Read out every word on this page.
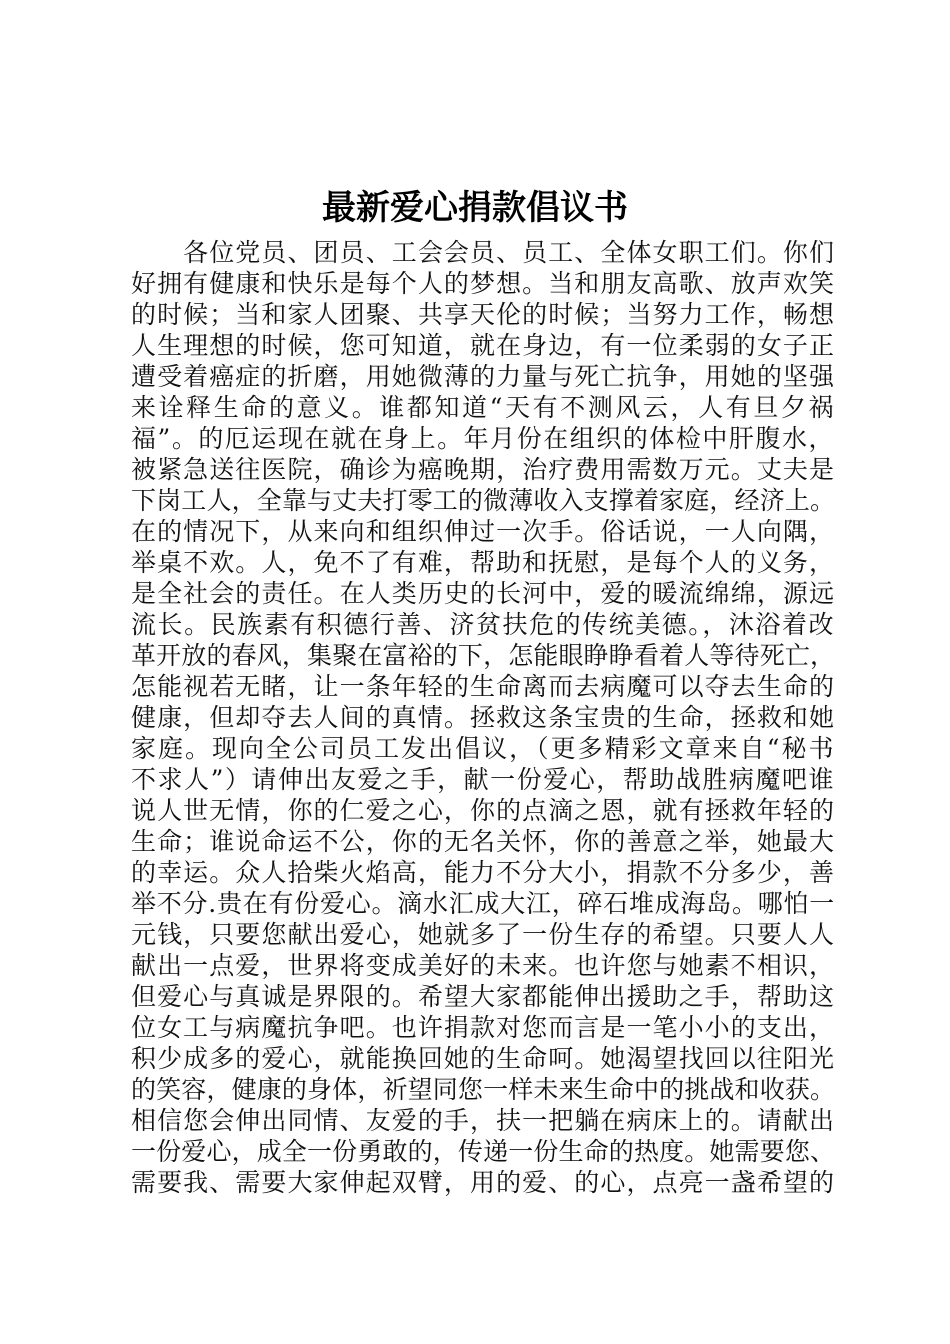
最新爱心捐款倡议书
　　各位党员、团员、工会会员、员工、全体女职工们。你们
好拥有健康和快乐是每个人的梦想。当和朋友高歌、放声欢笑
的时候；当和家人团聚、共享天伦的时候；当努力工作，畅想
人生理想的时候，您可知道，就在身边，有一位柔弱的女子正
遭受着癌症的折磨，用她微薄的力量与死亡抗争，用她的坚强
来诠释生命的意义。谁都知道“天有不测风云，人有旦夕祸
福”。的厄运现在就在身上。年月份在组织的体检中肝腹水，
被紧急送往医院，确诊为癌晚期，治疗费用需数万元。丈夫是
下岗工人，全靠与丈夫打零工的微薄收入支撑着家庭，经济上。
在的情况下，从来向和组织伸过一次手。俗话说，一人向隅，
举桌不欢。人，免不了有难，帮助和抚慰，是每个人的义务，
是全社会的责任。在人类历史的长河中，爱的暖流绵绵，源远
流长。民族素有积德行善、济贫扶危的传统美德。，沐浴着改
革开放的春风，集聚在富裕的下，怎能眼睁睁看着人等待死亡，
怎能视若无睹，让一条年轻的生命离而去病魔可以夺去生命的
健康，但却夺去人间的真情。拯救这条宝贵的生命，拯救和她
家庭。现向全公司员工发出倡议，（更多精彩文章来自“秘书
不求人”）请伸出友爱之手，献一份爱心，帮助战胜病魔吧谁
说人世无情，你的仁爱之心，你的点滴之恩，就有拯救年轻的
生命；谁说命运不公，你的无名关怀，你的善意之举，她最大
的幸运。众人拾柴火焰高，能力不分大小，捐款不分多少，善
举不分.贵在有份爱心。滴水汇成大江，碎石堆成海岛。哪怕一
元钱，只要您献出爱心，她就多了一份生存的希望。只要人人
献出一点爱，世界将变成美好的未来。也许您与她素不相识，
但爱心与真诚是界限的。希望大家都能伸出援助之手，帮助这
位女工与病魔抗争吧。也许捐款对您而言是一笔小小的支出，
积少成多的爱心，就能换回她的生命呵。她渴望找回以往阳光
的笑容，健康的身体，祈望同您一样未来生命中的挑战和收获。
相信您会伸出同情、友爱的手，扶一把躺在病床上的。请献出
一份爱心，成全一份勇敢的，传递一份生命的热度。她需要您、
需要我、需要大家伸起双臂，用的爱、的心，点亮一盏希望的
